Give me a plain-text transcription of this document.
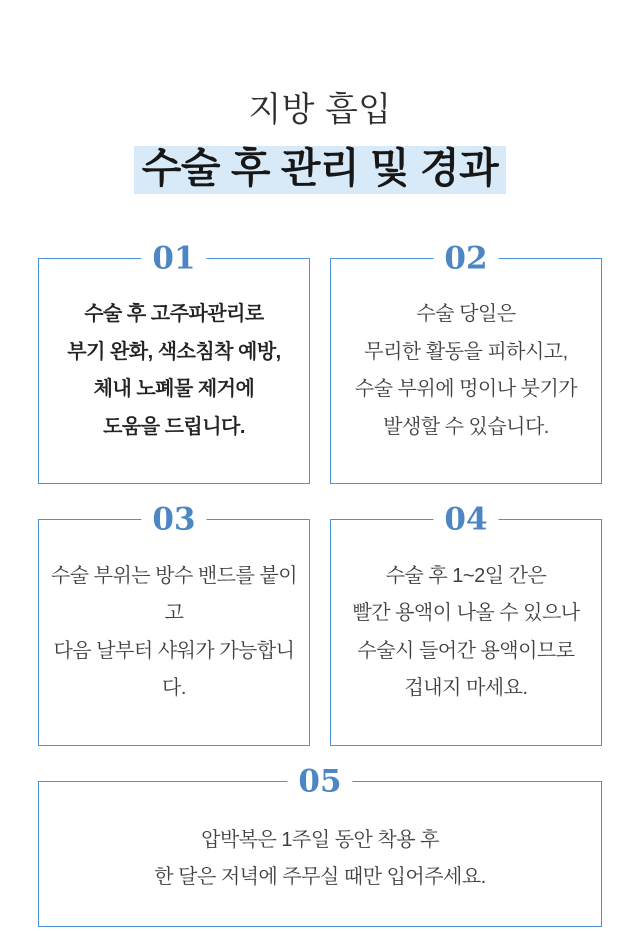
지방 흡입
수술 후 관리 및 경과
01
수술 후 고주파관리로
부기 완화, 색소침착 예방,
체내 노폐물 제거에
도움을 드립니다.
02
수술 당일은
무리한 활동을 피하시고,
수술 부위에 멍이나 붓기가
발생할 수 있습니다.
03
수술 부위는 방수 밴드를 붙이고
다음 날부터 샤워가 가능합니다.
04
수술 후 1~2일 간은
빨간 용액이 나올 수 있으나
수술시 들어간 용액이므로
겁내지 마세요.
05
압박복은 1주일 동안 착용 후
한 달은 저녁에 주무실 때만 입어주세요.
